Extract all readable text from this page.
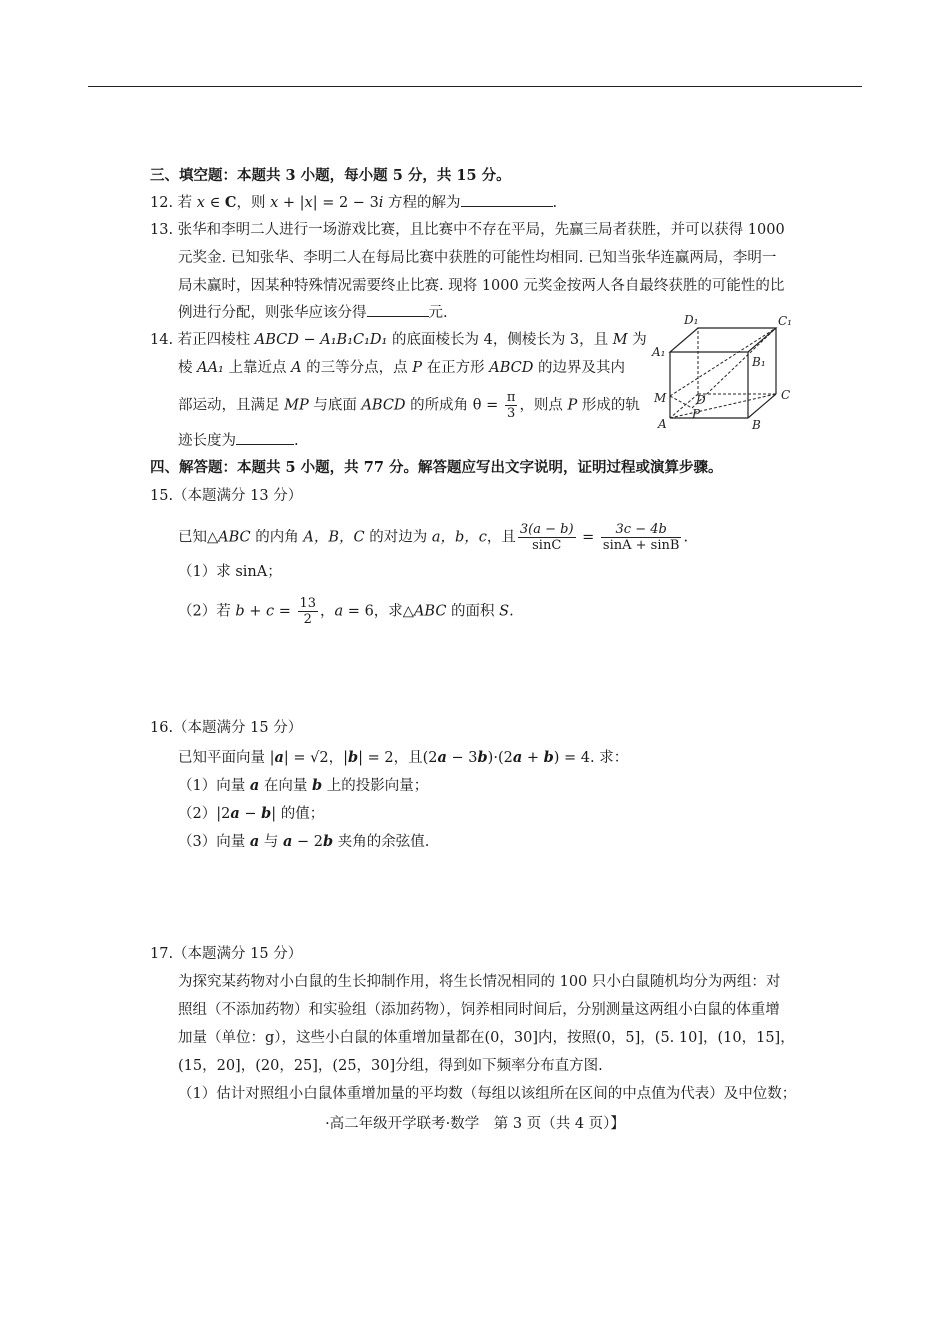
三、填空题：本题共 3 小题，每小题 5 分，共 15 分。
12. 若 x ∈ C，则 x + |x| = 2 − 3i 方程的解为	.
13. 张华和李明二人进行一场游戏比赛，且比赛中不存在平局，先赢三局者获胜，并可以获得 1000
元奖金. 已知张华、李明二人在每局比赛中获胜的可能性均相同. 已知当张华连赢两局，李明一
局未赢时，因某种特殊情况需要终止比赛. 现将 1000 元奖金按两人各自最终获胜的可能性的比
例进行分配，则张华应该分得	元.
14. 若正四棱柱 ABCD − A₁B₁C₁D₁ 的底面棱长为 4，侧棱长为 3，且 M 为
棱 AA₁ 上靠近点 A 的三等分点，点 P 在正方形 ABCD 的边界及其内
部运动，且满足 MP 与底面 ABCD 的所成角 $\theta = \frac{\pi}{3}$ ，则点 P 形成的轨
迹长度为	.
D₁	C₁
A₁
B₁
M D
P
C
A	B
四、解答题：本题共 5 小题，共 77 分。解答题应写出文字说明，证明过程或演算步骤。
15.（本题满分 13 分）
已知△ABC 的内角 A，B，C 的对边为 a，b，c，且 $\frac{3(a - b)}{\sin C} = \frac{3c - 4b}{\sin A + \sin B}$ .
（1）求 sinA；
（2）若 $b + c = \frac{13}{2}$ ，a = 6，求△ABC 的面积 S.
16.（本题满分 15 分）
已知平面向量 |a| = √2，|b| = 2，且(2a − 3b)·(2a + b) = 4. 求：
（1）向量 a 在向量 b 上的投影向量；
（2）|2a − b| 的值；
（3）向量 a 与 a − 2b 夹角的余弦值.
17.（本题满分 15 分）
为探究某药物对小白鼠的生长抑制作用，将生长情况相同的 100 只小白鼠随机均分为两组：对
照组（不添加药物）和实验组（添加药物），饲养相同时间后，分别测量这两组小白鼠的体重增
加量（单位：g），这些小白鼠的体重增加量都在(0，30]内，按照(0，5]，(5. 10]，(10，15]，
(15，20]，(20，25]，(25，30]分组，得到如下频率分布直方图.
（1）估计对照组小白鼠体重增加量的平均数（每组以该组所在区间的中点值为代表）及中位数；
·高二年级开学联考·数学　第 3 页（共 4 页）】
